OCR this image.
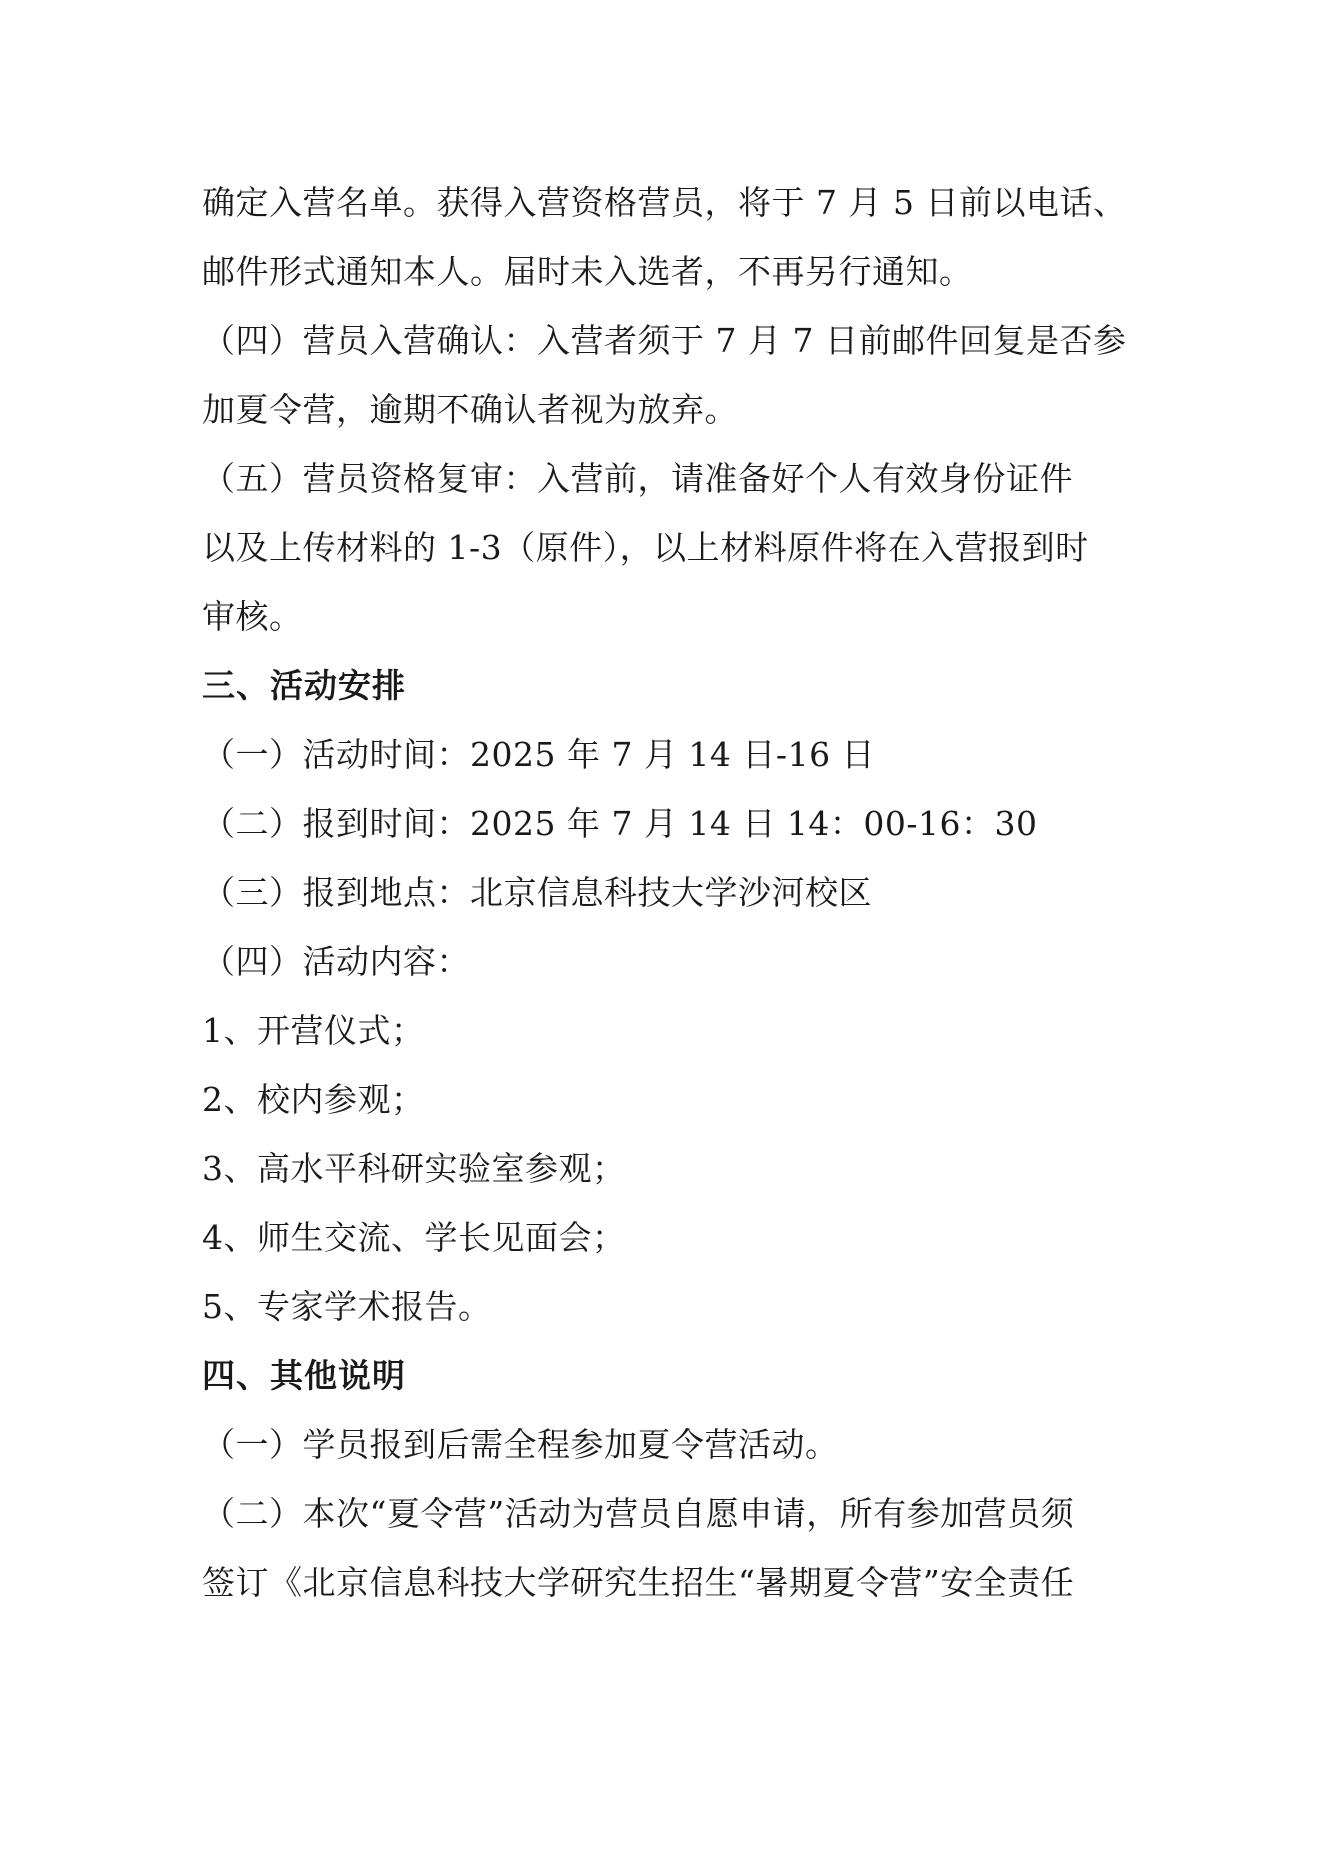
确定入营名单。获得入营资格营员，将于 7 月 5 日前以电话、
邮件形式通知本人。届时未入选者，不再另行通知。
（四）营员入营确认：入营者须于 7 月 7 日前邮件回复是否参
加夏令营，逾期不确认者视为放弃。
（五）营员资格复审：入营前，请准备好个人有效身份证件
以及上传材料的 1-3（原件），以上材料原件将在入营报到时
审核。
三、活动安排
（一）活动时间：2025 年 7 月 14 日-16 日
（二）报到时间：2025 年 7 月 14 日 14：00-16：30
（三）报到地点：北京信息科技大学沙河校区
（四）活动内容：
1、开营仪式；
2、校内参观；
3、高水平科研实验室参观；
4、师生交流、学长见面会；
5、专家学术报告。
四、其他说明
（一）学员报到后需全程参加夏令营活动。
（二）本次“夏令营”活动为营员自愿申请，所有参加营员须
签订《北京信息科技大学研究生招生“暑期夏令营”安全责任
